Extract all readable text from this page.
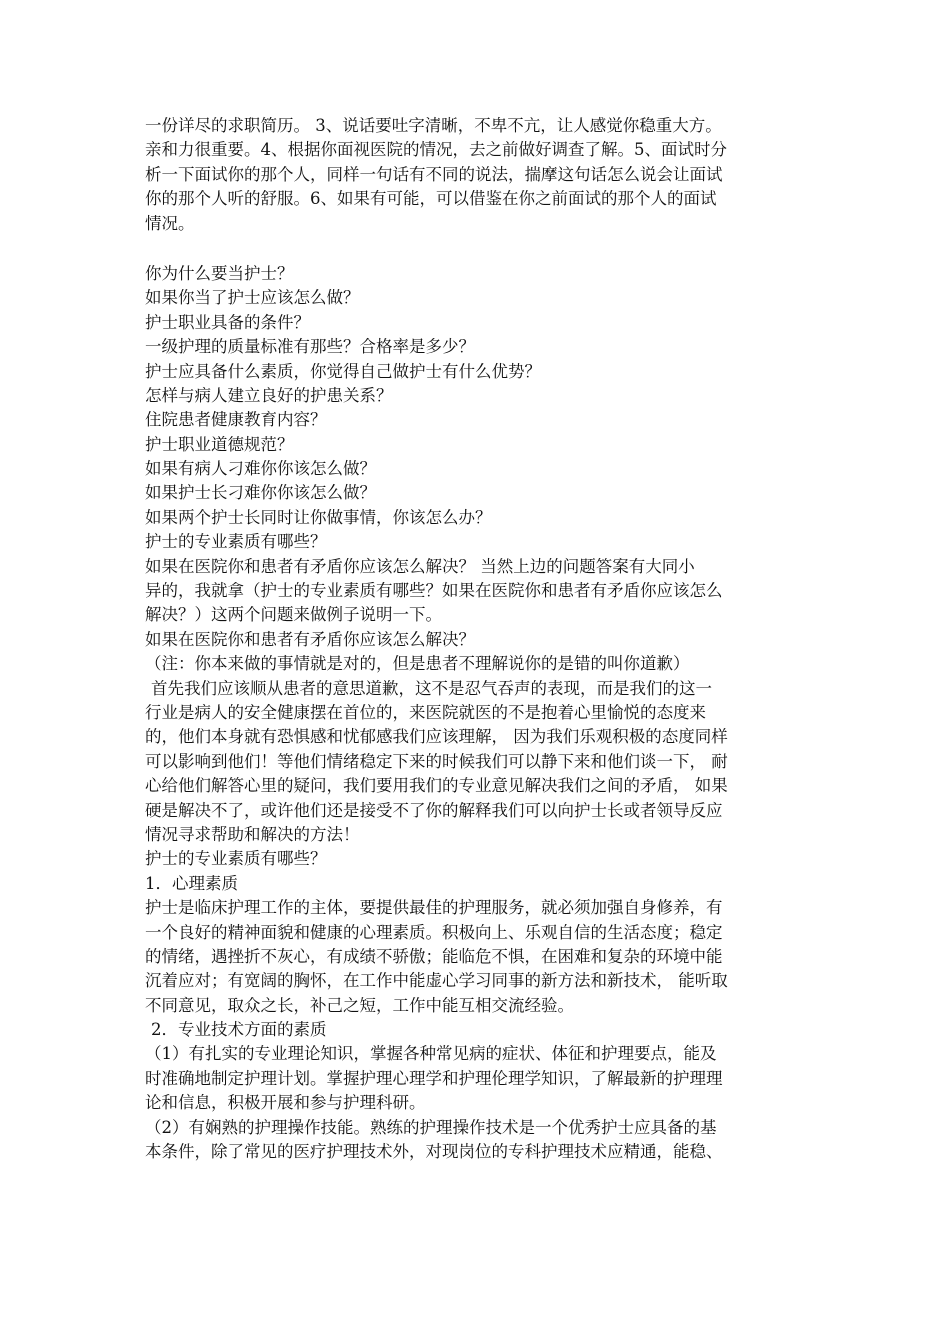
一份详尽的求职简历。 3、说话要吐字清晰，不卑不亢，让人感觉你稳重大方。
亲和力很重要。4、根据你面视医院的情况，去之前做好调查了解。5、面试时分
析一下面试你的那个人，同样一句话有不同的说法，揣摩这句话怎么说会让面试
你的那个人听的舒服。6、如果有可能，可以借鉴在你之前面试的那个人的面试
情况。
你为什么要当护士？
如果你当了护士应该怎么做？
护士职业具备的条件？
一级护理的质量标准有那些？合格率是多少？
护士应具备什么素质，你觉得自己做护士有什么优势？
怎样与病人建立良好的护患关系？
住院患者健康教育内容？
护士职业道德规范？
如果有病人刁难你你该怎么做？
如果护士长刁难你你该怎么做？
如果两个护士长同时让你做事情，你该怎么办？
护士的专业素质有哪些？
如果在医院你和患者有矛盾你应该怎么解决？ 当然上边的问题答案有大同小
异的，我就拿（护士的专业素质有哪些？如果在医院你和患者有矛盾你应该怎么
解决？）这两个问题来做例子说明一下。
如果在医院你和患者有矛盾你应该怎么解决？
（注：你本来做的事情就是对的，但是患者不理解说你的是错的叫你道歉）
首先我们应该顺从患者的意思道歉，这不是忍气吞声的表现，而是我们的这一
行业是病人的安全健康摆在首位的，来医院就医的不是抱着心里愉悦的态度来
的，他们本身就有恐惧感和忧郁感我们应该理解， 因为我们乐观积极的态度同样
可以影响到他们！等他们情绪稳定下来的时候我们可以静下来和他们谈一下， 耐
心给他们解答心里的疑问，我们要用我们的专业意见解决我们之间的矛盾， 如果
硬是解决不了，或许他们还是接受不了你的解释我们可以向护士长或者领导反应
情况寻求帮助和解决的方法！
护士的专业素质有哪些？
1．心理素质
护士是临床护理工作的主体，要提供最佳的护理服务，就必须加强自身修养，有
一个良好的精神面貌和健康的心理素质。积极向上、乐观自信的生活态度；稳定
的情绪，遇挫折不灰心，有成绩不骄傲；能临危不惧，在困难和复杂的环境中能
沉着应对；有宽阔的胸怀，在工作中能虚心学习同事的新方法和新技术， 能听取
不同意见，取众之长，补己之短，工作中能互相交流经验。
2．专业技术方面的素质
（1）有扎实的专业理论知识，掌握各种常见病的症状、体征和护理要点，能及
时准确地制定护理计划。掌握护理心理学和护理伦理学知识，了解最新的护理理
论和信息，积极开展和参与护理科研。
（2）有娴熟的护理操作技能。熟练的护理操作技术是一个优秀护士应具备的基
本条件，除了常见的医疗护理技术外，对现岗位的专科护理技术应精通，能稳、
